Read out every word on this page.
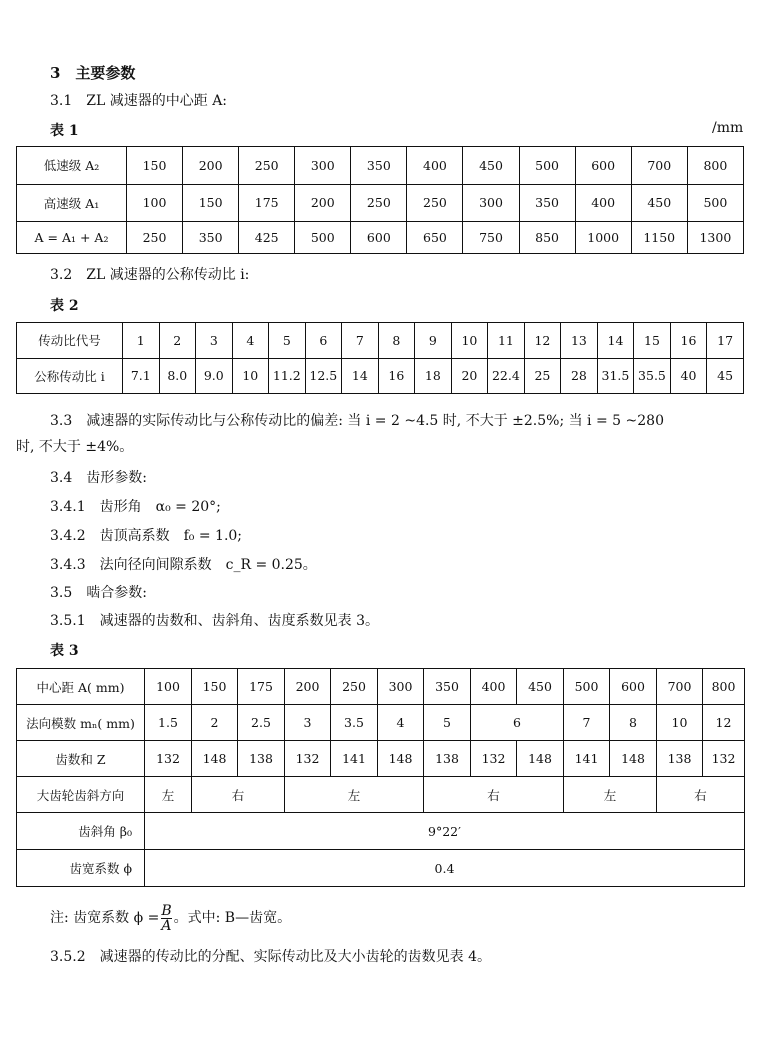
3　主要参数
3.1　ZL 减速器的中心距 A:
表 1	/mm
低速级 A₂	150	200	250	300	350	400	450	500	600	700	800
高速级 A₁	100	150	175	200	250	250	300	350	400	450	500
A = A₁ + A₂	250	350	425	500	600	650	750	850	1000	1150	1300
3.2　ZL 减速器的公称传动比 i:
表 2
传动比代号	1	2	3	4	5	6	7	8	9	10	11	12	13	14	15	16	17
公称传动比 i	7.1	8.0	9.0	10	11.2	12.5	14	16	18	20	22.4	25	28	31.5	35.5	40	45
3.3　减速器的实际传动比与公称传动比的偏差: 当 i = 2 ~4.5 时, 不大于 ±2.5%; 当 i = 5 ~280
时, 不大于 ±4%。
3.4　齿形参数:
3.4.1　齿形角　α₀ = 20°;
3.4.2　齿顶高系数　f₀ = 1.0;
3.4.3　法向径向间隙系数　c_R = 0.25。
3.5　啮合参数:
3.5.1　减速器的齿数和、齿斜角、齿度系数见表 3。
表 3
中心距 A( mm)	100	150	175	200	250	300	350	400	450	500	600	700	800
法向模数 mₙ( mm)	1.5	2	2.5	3	3.5	4	5	6		7	8	10	12
齿数和 Z	132	148	138	132	141	148	138	132	148	141	148	138	132
大齿轮齿斜方向	左	右		左			右			左		右	
齿斜角 β₀	9°22′												
齿宽系数 ϕ	0.4												
注: 齿宽系数 $\phi = \frac{B}{A}$ 。式中: B—齿宽。
3.5.2　减速器的传动比的分配、实际传动比及大小齿轮的齿数见表 4。
